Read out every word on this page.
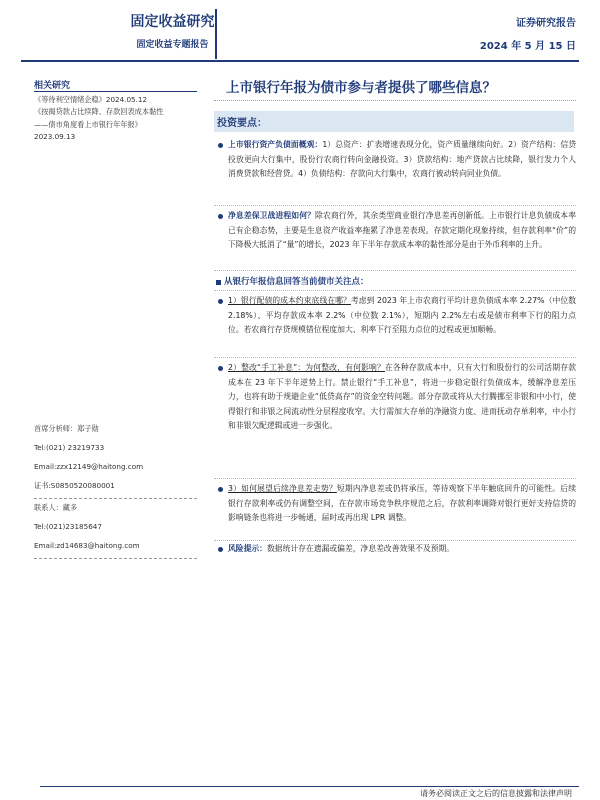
固定收益研究
固定收益专题报告
证券研究报告
2024 年 5 月 15 日
相关研究
《等待利空情绪企稳》2024.05.12
《按揭贷款占比续降、存款回表成本黏性
——债市角度看上市银行年年报》
2023.09.13
首席分析师：郑子勋
Tel:(021) 23219733
Email:zzx12149@haitong.com
证书:S0850520080001
联系人：藏多
Tel:(021)23185647
Email:zd14683@haitong.com
上市银行年报为债市参与者提供了哪些信息？
投资要点：
上市银行资产负债面概观：1）总资产：扩表增速表现分化，资产质量继续向好。2）资产结构：信贷投放更向大行集中，股份行农商行转向金融投资。3）贷款结构：地产贷款占比续降，银行发力个人消费贷款和经营贷。4）负债结构：存款向大行集中，农商行被动转向同业负债。
净息差保卫战进程如何？除农商行外，其余类型商业银行净息差再创新低。上市银行计息负债成本率已有企稳态势，主要是生息资产收益率拖累了净息差表现。存款定期化现象持续，但存款利率“价”的下降极大抵消了“量”的增长，2023 年下半年存款成本率的黏性部分是由于外币利率的上升。
从银行年报信息回答当前债市关注点：
1）银行配债的成本约束底线在哪？考虑到 2023 年上市农商行平均计息负债成本率 2.27%（中位数 2.18%）、平均存款成本率 2.2%（中位数 2.1%），短期内 2.2%左右或是债市利率下行的阻力点位。若农商行存贷规模错位程度加大、利率下行至阻力点位的过程或更加顺畅。
2）整改“手工补息”：为何整改，有何影响？在各种存款成本中，只有大行和股份行的公司活期存款成本在 23 年下半年逆势上行。禁止银行“手工补息”，将进一步稳定银行负债成本，缓解净息差压力，也将有助于规避企业“低贷高存”的资金空转问题。部分存款或将从大行腾挪至非银和中小行，使得银行和非银之间流动性分层程度收窄。大行需加大存单的净融资力度、进而抚动存单利率，中小行和非银欠配逻辑或进一步强化。
3）如何展望后续净息差走势？短期内净息差或仍将承压，等待观察下半年触底回升的可能性。后续银行存款利率或仍有调整空间，在存款市场竞争秩序规范之后，存款利率调降对银行更好支持信贷的影响链条也将进一步畅通，届时或再出现 LPR 调整。
风险提示：数据统计存在遗漏或偏差，净息差改善效果不及预期。
请务必阅读正文之后的信息披露和法律声明
